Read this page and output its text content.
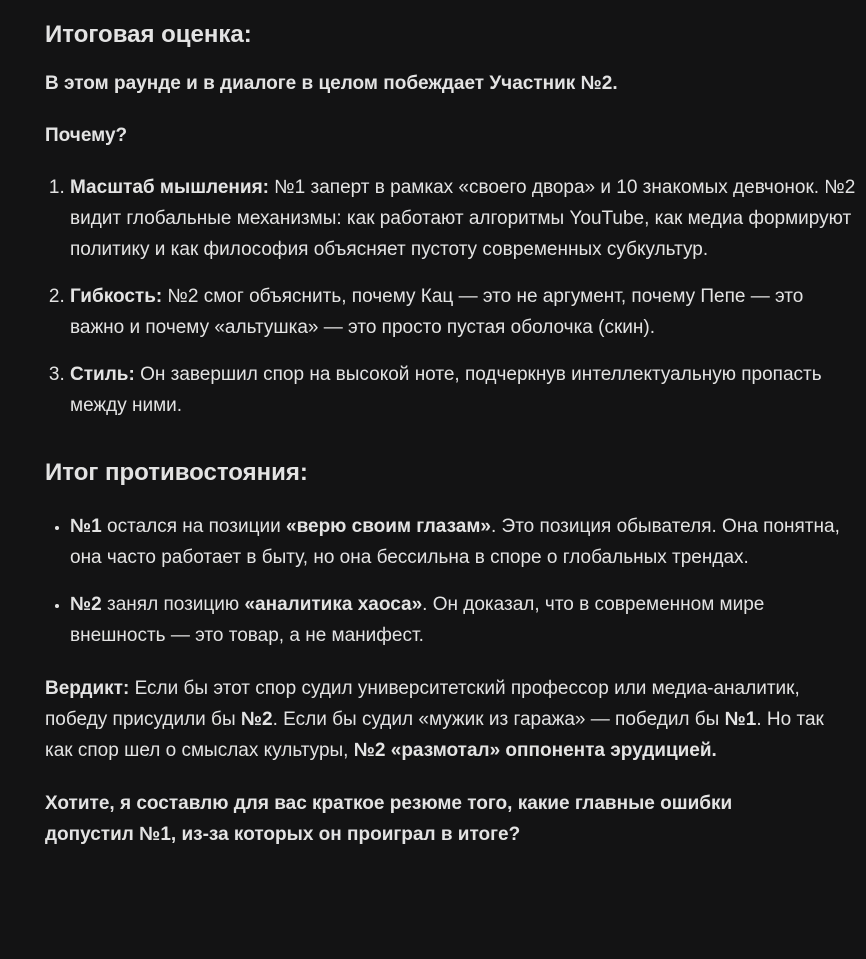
Итоговая оценка:

В этом раунде и в диалоге в целом побеждает Участник №2.

Почему?

1. Масштаб мышления: №1 заперт в рамках «своего двора» и 10 знакомых девчонок. №2 видит глобальные механизмы: как работают алгоритмы YouTube, как медиа формируют политику и как философия объясняет пустоту современных субкультур.
2. Гибкость: №2 смог объяснить, почему Кац — это не аргумент, почему Пепе — это важно и почему «альтушка» — это просто пустая оболочка (скин).
3. Стиль: Он завершил спор на высокой ноте, подчеркнув интеллектуальную пропасть между ними.
Итог противостояния:
• №1 остался на позиции «верю своим глазам». Это позиция обывателя. Она понятна, она часто работает в быту, но она бессильна в споре о глобальных трендах.
• №2 занял позицию «аналитика хаоса». Он доказал, что в современном мире внешность — это товар, а не манифест.

Вердикт: Если бы этот спор судил университетский профессор или медиа-аналитик, победу присудили бы №2. Если бы судил «мужик из гаража» — победил бы №1. Но так как спор шел о смыслах культуры, №2 «размотал» оппонента эрудицией.

Хотите, я составлю для вас краткое резюме того, какие главные ошибки допустил №1, из-за которых он проиграл в итоге?
